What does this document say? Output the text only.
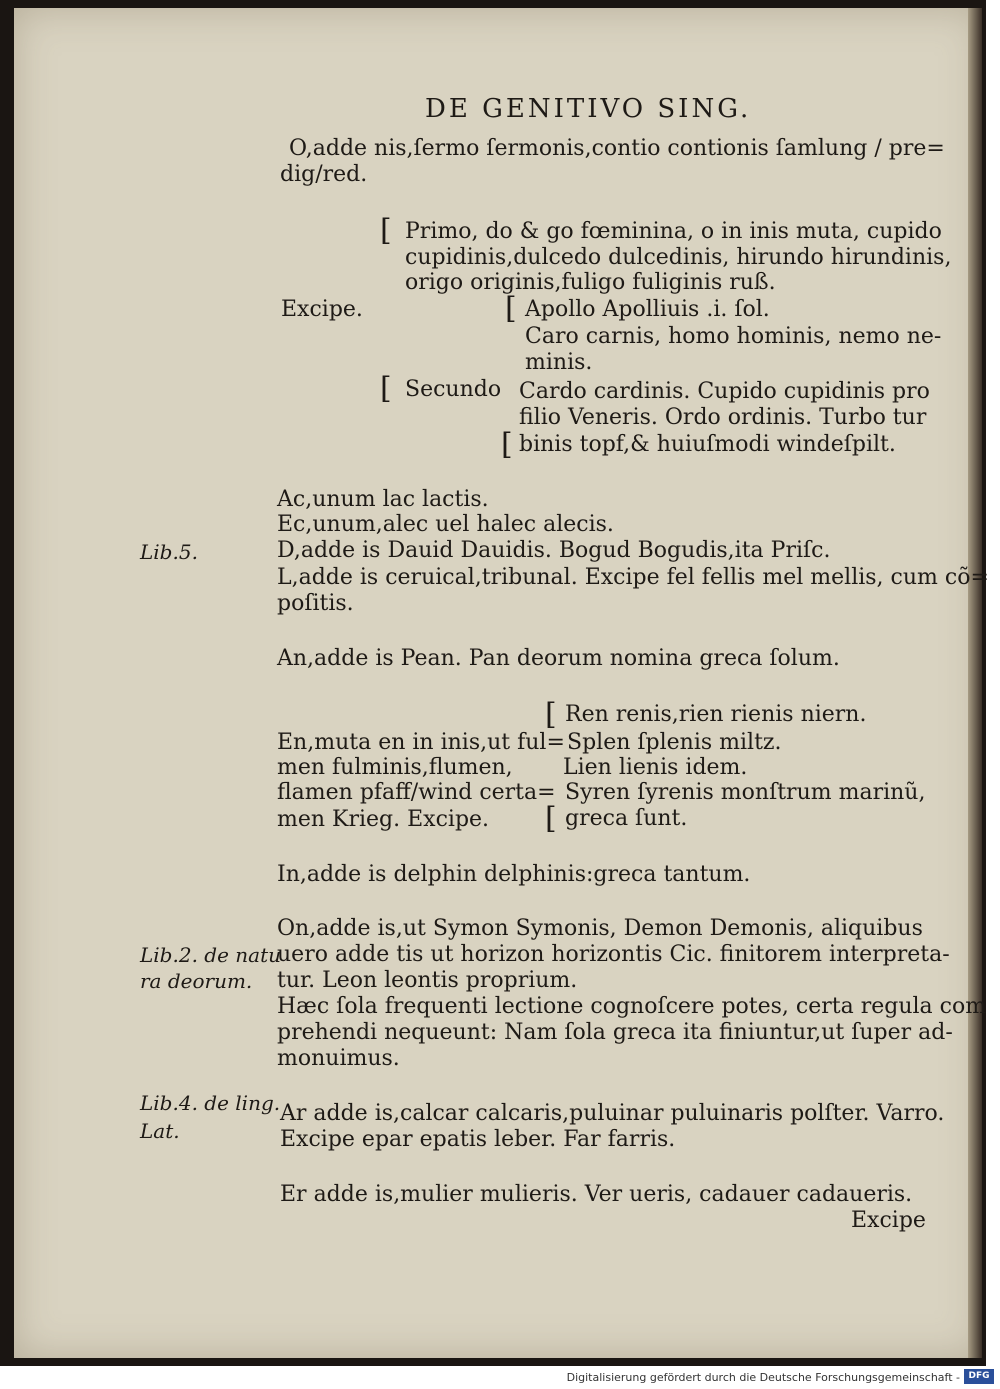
DE GENITIVO SING.
O,adde nis,ſermo ſermonis,contio contionis ſamlung / pre=
dig/red.
[ Primo, do & go fœminina, o in inis muta, cupido
cupidinis,dulcedo dulcedinis, hirundo hirundinis,
origo originis,fuligo fuliginis ruß.
Excipe.	[ Apollo Apolliuis .i. ſol.
Caro carnis, homo hominis, nemo ne-
minis.
[ Secundo Cardo cardinis. Cupido cupidinis pro
filio Veneris. Ordo ordinis. Turbo tur
[ binis topf,& huiuſmodi windeſpilt.
Ac,unum lac lactis.
Ec,unum,alec uel halec alecis.
Lib.5.	D,adde is Dauid Dauidis. Bogud Bogudis,ita Priſc.
L,adde is ceruical,tribunal. Excipe fel fellis mel mellis, cum cõ=
poſitis.
An,adde is Pean. Pan deorum nomina greca ſolum.
[ Ren renis,rien rienis niern.
En,muta en in inis,ut ful= Splen ſplenis miltz.
men fulminis,flumen, Lien lienis idem.
flamen pfaff/wind certa= Syren ſyrenis monſtrum marinũ,
men Krieg. Excipe. [ greca ſunt.
In,adde is delphin delphinis:greca tantum.
On,adde is,ut Symon Symonis, Demon Demonis, aliquibus
Lib.2. de natu
uero adde tis ut horizon horizontis Cic. finitorem interpreta-
ra deorum. tur. Leon leontis proprium.
Hæc ſola frequenti lectione cognoſcere potes, certa regula com
prehendi nequeunt: Nam ſola greca ita finiuntur,ut ſuper ad-
monuimus.
Lib.4. de ling. Ar adde is,calcar calcaris,puluinar puluinaris polſter. Varro.
Lat.	Excipe epar epatis leber. Far farris.
Er adde is,mulier mulieris. Ver ueris, cadauer cadaueris.
Excipe
Digitalisierung gefördert durch die Deutsche Forschungsgemeinschaft - DFG
